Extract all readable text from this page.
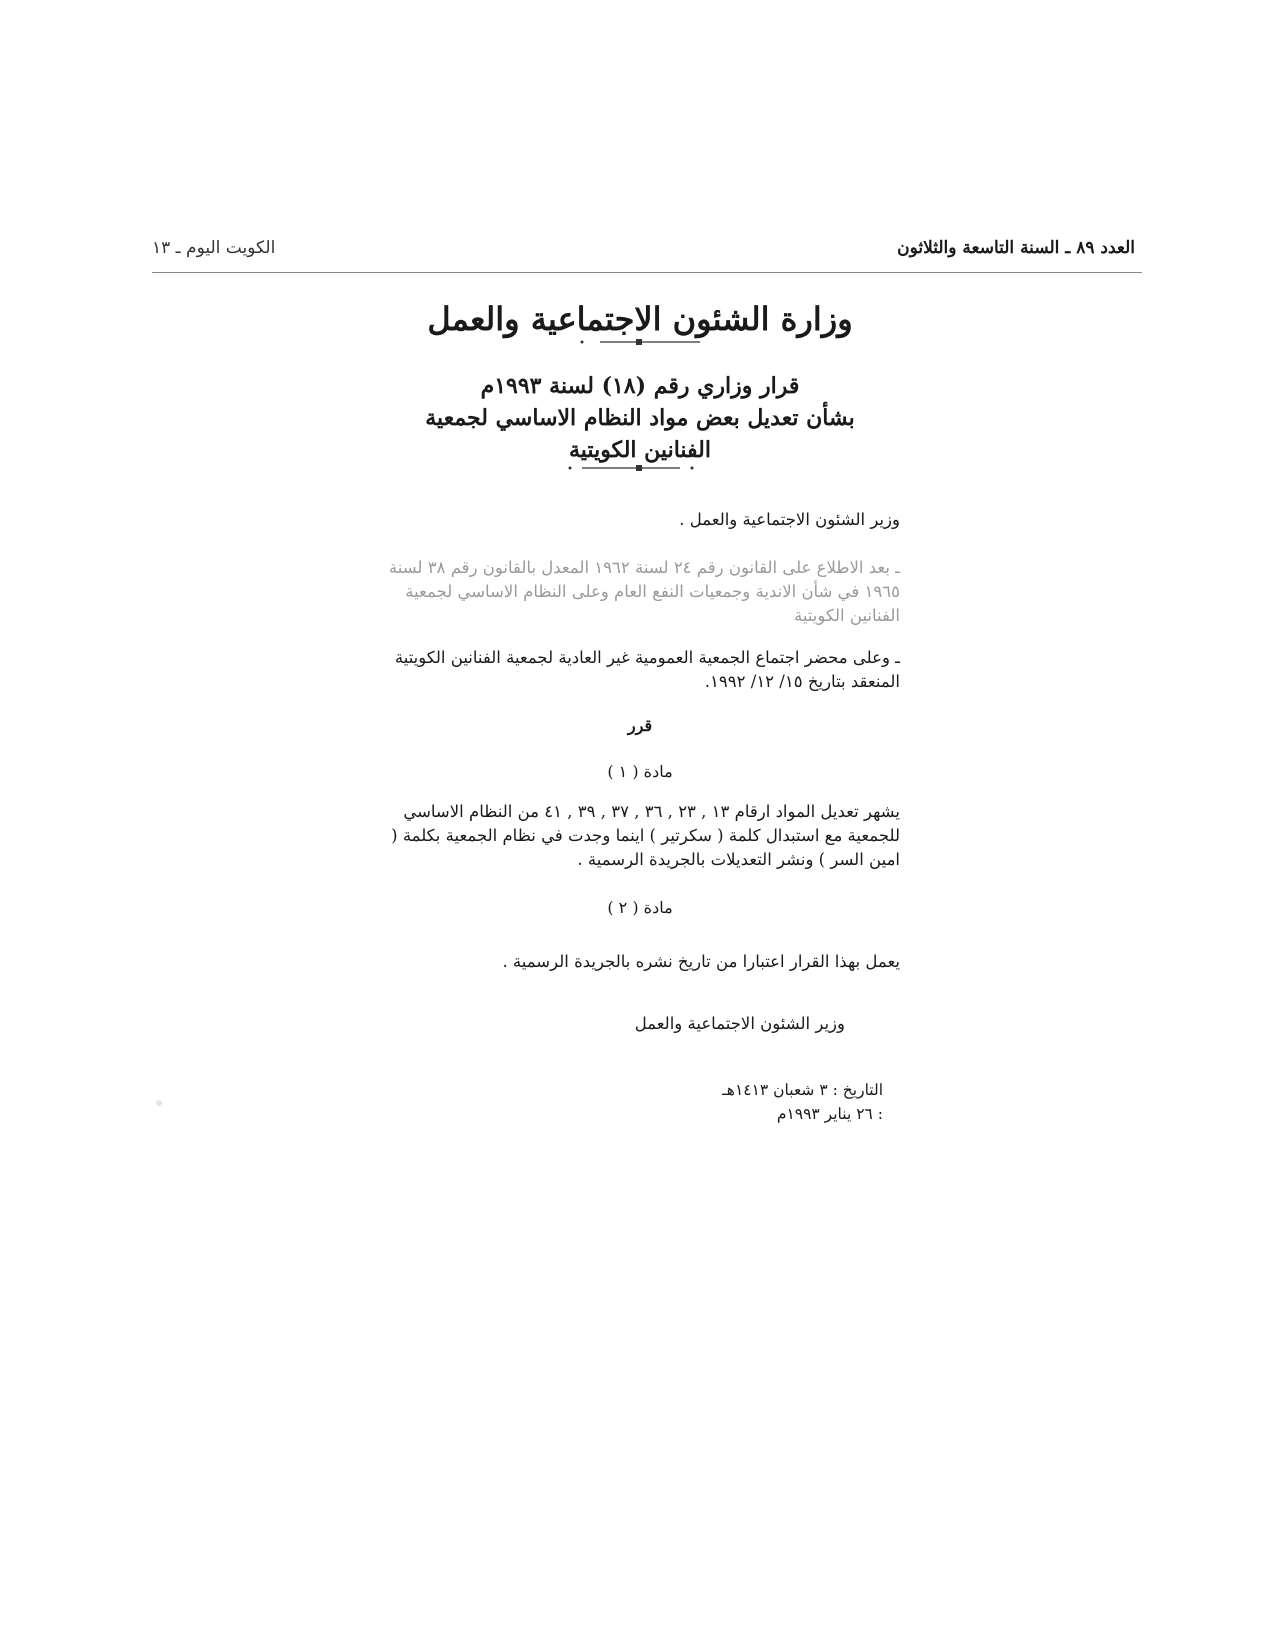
العدد ٨٩ ـ السنة التاسعة والثلاثون
الكويت اليوم ـ ١٣
وزارة الشئون الاجتماعية والعمل
قرار وزاري رقم (١٨) لسنة ١٩٩٣م
بشأن تعديل بعض مواد النظام الاساسي لجمعية
الفنانين الكويتية
وزير الشئون الاجتماعية والعمل .
ـ بعد الاطلاع على القانون رقم ٢٤ لسنة ١٩٦٢ المعدل بالقانون رقم ٣٨ لسنة ١٩٦٥ في شأن الاندية وجمعيات النفع العام وعلى النظام الاساسي لجمعية الفنانين الكويتية
ـ وعلى محضر اجتماع الجمعية العمومية غير العادية لجمعية الفنانين الكويتية المنعقد بتاريخ ١٥/ ١٢/ ١٩٩٢.
قرر
مادة ( ١ )
يشهر تعديل المواد ارقام ١٣ , ٢٣ , ٣٦ , ٣٧ , ٣٩ , ٤١ من النظام الاساسي للجمعية مع استبدال كلمة ( سكرتير ) اينما وجدت في نظام الجمعية بكلمة ( امين السر ) ونشر التعديلات بالجريدة الرسمية .
مادة ( ٢ )
يعمل بهذا القرار اعتبارا من تاريخ نشره بالجريدة الرسمية .
وزير الشئون الاجتماعية والعمل
التاريخ : ٣ شعبان ١٤١٣هـ
: ٢٦ يناير ١٩٩٣م
